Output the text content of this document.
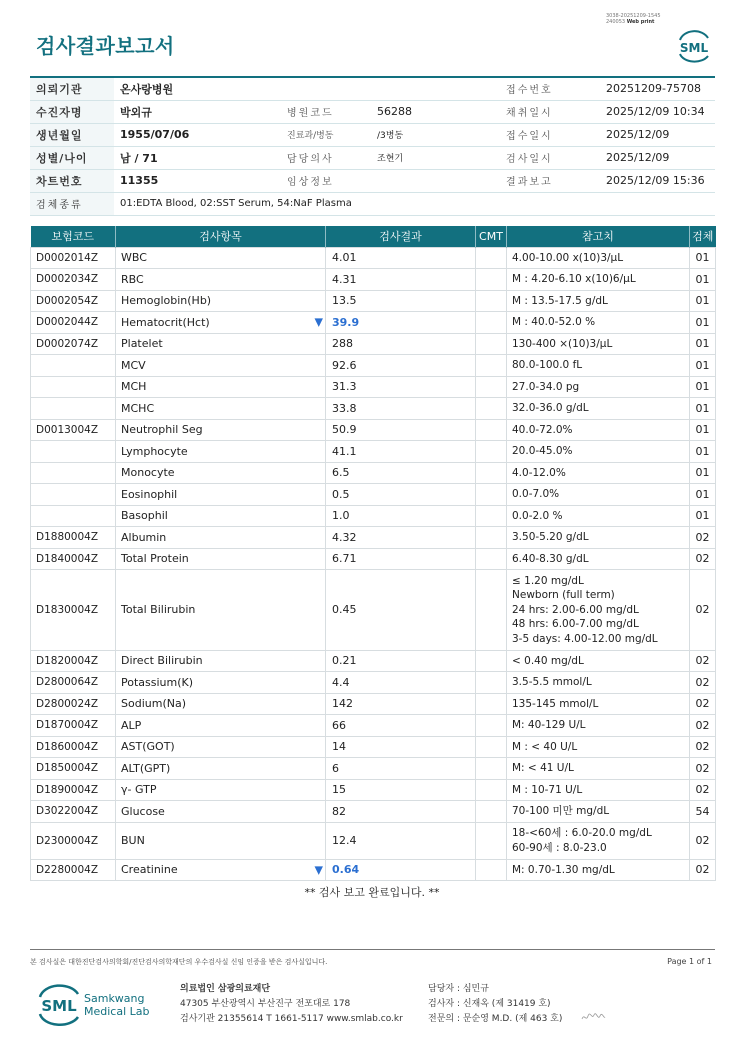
3038-20251209-1545
240053 Web print
검사결과보고서	SML
의뢰기관	온사랑병원			접수번호	20251209-75708
수진자명	박외규	병원코드	56288	채취일시	2025/12/09 10:34
생년월일	1955/07/06	진료과/병동	/3병동	접수일시	2025/12/09
성별/나이	남 / 71	담당의사	조현기	검사일시	2025/12/09
차트번호	11355	임상정보		결과보고	2025/12/09 15:36
검체종류	01:EDTA Blood, 02:SST Serum, 54:NaF Plasma				
보험코드	검사항목	검사결과	CMT	참고치	검체
D0002014Z	WBC	4.01		4.00-10.00 x(10)3/μL	01
D0002034Z	RBC	4.31		M : 4.20-6.10 x(10)6/μL	01
D0002054Z	Hemoglobin(Hb)	13.5		M : 13.5-17.5 g/dL	01
D0002044Z	Hematocrit(Hct) ▼	39.9		M : 40.0-52.0 %	01
D0002074Z	Platelet	288		130-400 ×(10)3/μL	01
	MCV	92.6		80.0-100.0 fL	01
	MCH	31.3		27.0-34.0 pg	01
	MCHC	33.8		32.0-36.0 g/dL	01
D0013004Z	Neutrophil Seg	50.9		40.0-72.0%	01
	Lymphocyte	41.1		20.0-45.0%	01
	Monocyte	6.5		4.0-12.0%	01
	Eosinophil	0.5		0.0-7.0%	01
	Basophil	1.0		0.0-2.0 %	01
D1880004Z	Albumin	4.32		3.50-5.20 g/dL	02
D1840004Z	Total Protein	6.71		6.40-8.30 g/dL	02
D1830004Z	Total Bilirubin	0.45		≤ 1.20 mg/dL
Newborn (full term)
24 hrs: 2.00-6.00 mg/dL
48 hrs: 6.00-7.00 mg/dL
3-5 days: 4.00-12.00 mg/dL	02
D1820004Z	Direct Bilirubin	0.21		< 0.40 mg/dL	02
D2800064Z	Potassium(K)	4.4		3.5-5.5 mmol/L	02
D2800024Z	Sodium(Na)	142		135-145 mmol/L	02
D1870004Z	ALP	66		M: 40-129 U/L	02
D1860004Z	AST(GOT)	14		M : < 40 U/L	02
D1850004Z	ALT(GPT)	6		M: < 41 U/L	02
D1890004Z	γ- GTP	15		M : 10-71 U/L	02
D3022004Z	Glucose	82		70-100 미만 mg/dL	54
D2300004Z	BUN	12.4		18-<60세 : 6.0-20.0 mg/dL
60-90세 : 8.0-23.0	02
D2280004Z	Creatinine ▼	0.64		M: 0.70-1.30 mg/dL	02
** 검사 보고 완료입니다. **
본 검사실은 대한진단검사의학회/진단검사의학재단의 우수검사실 신임 인증을 받은 검사실입니다.	Page 1 of 1
SML Samkwang
Medical Lab
의료법인 삼광의료재단
47305 부산광역시 부산진구 전포대로 178
검사기관 21355614 T 1661-5117 www.smlab.co.kr
담당자 : 심민규
검사자 : 신재옥 (제 31419 호)
전문의 : 문순영 M.D. (제 463 호)
